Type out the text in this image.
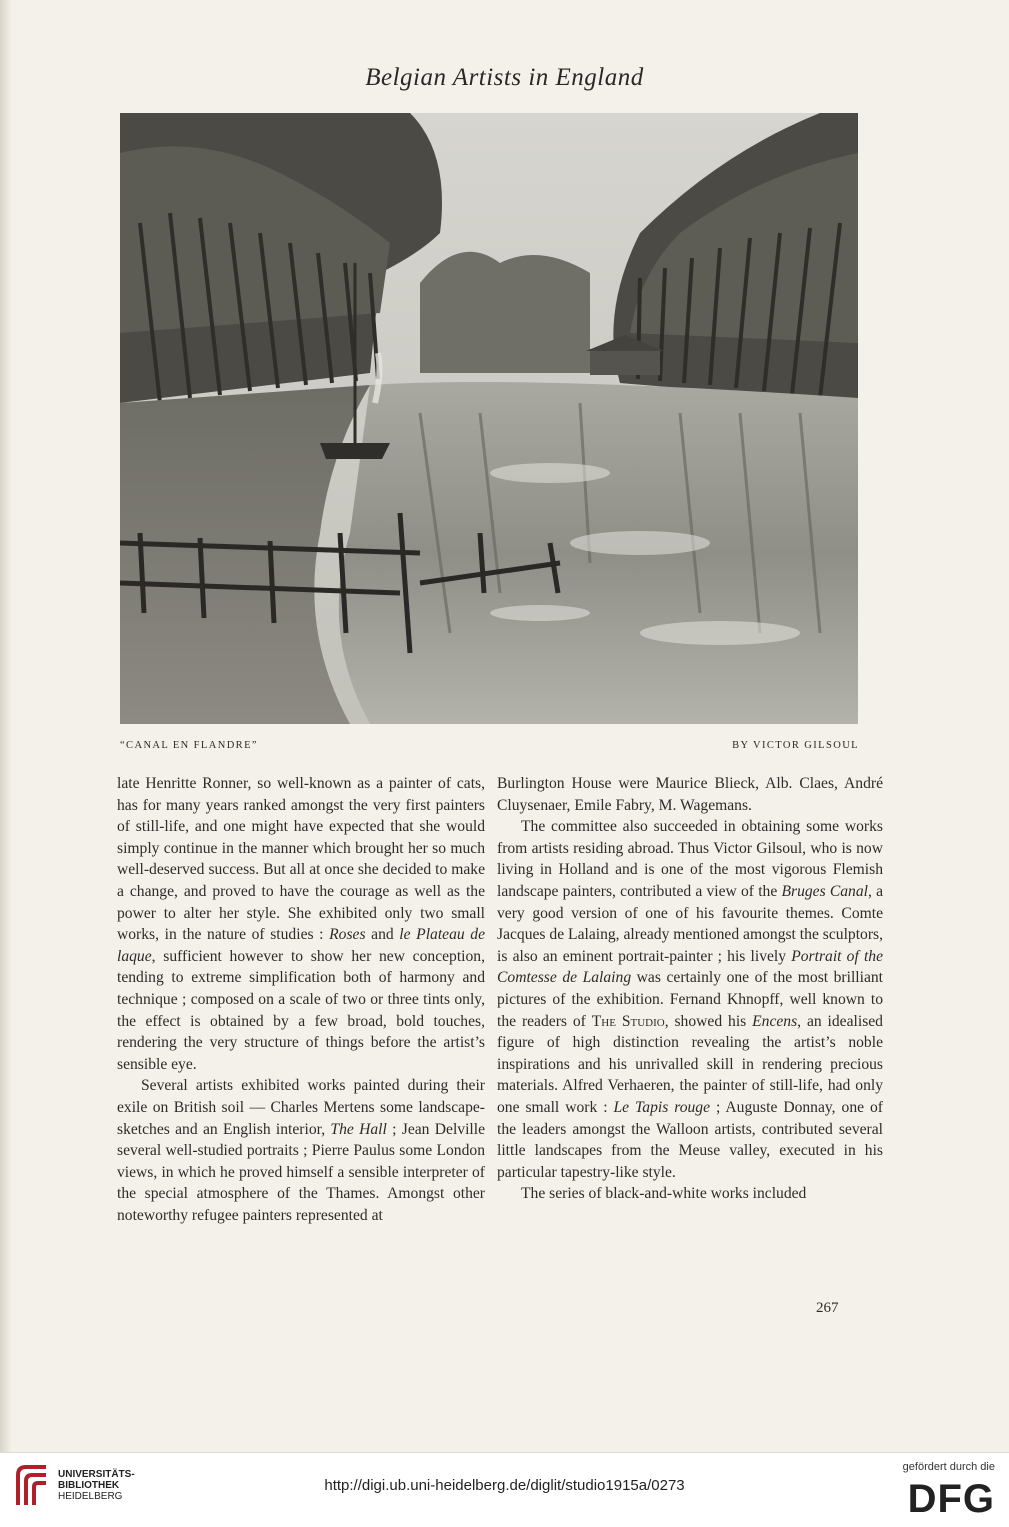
Belgian Artists in England
“CANAL EN FLANDRE”	BY VICTOR GILSOUL

late Henritte Ronner, so well-known as a painter of cats, has for many years ranked amongst the very first painters of still-life, and one might have expected that she would simply continue in the manner which brought her so much well-deserved success. But all at once she decided to make a change, and proved to have the courage as well as the power to alter her style. She exhibited only two small works, in the nature of studies : Roses and le Plateau de laque, sufficient however to show her new conception, tending to extreme simplification both of harmony and technique ; composed on a scale of two or three tints only, the effect is obtained by a few broad, bold touches, rendering the very structure of things before the artist’s sensible eye.

Several artists exhibited works painted during their exile on British soil — Charles Mertens some landscape-sketches and an English interior, The Hall ; Jean Delville several well-studied portraits ; Pierre Paulus some London views, in which he proved himself a sensible interpreter of the special atmosphere of the Thames. Amongst other noteworthy refugee painters represented at

Burlington House were Maurice Blieck, Alb. Claes, André Cluysenaer, Emile Fabry, M. Wagemans.

The committee also succeeded in obtaining some works from artists residing abroad. Thus Victor Gilsoul, who is now living in Holland and is one of the most vigorous Flemish landscape painters, contributed a view of the Bruges Canal, a very good version of one of his favourite themes. Comte Jacques de Lalaing, already mentioned amongst the sculptors, is also an eminent portrait-painter ; his lively Portrait of the Comtesse de Lalaing was certainly one of the most brilliant pictures of the exhibition. Fernand Khnopff, well known to the readers of The Studio, showed his Encens, an idealised figure of high distinction revealing the artist’s noble inspirations and his unrivalled skill in rendering precious materials. Alfred Verhaeren, the painter of still-life, had only one small work : Le Tapis rouge ; Auguste Donnay, one of the leaders amongst the Walloon artists, contributed several little landscapes from the Meuse valley, executed in his particular tapestry-like style.

The series of black-and-white works included

267
UNIVERSITÄTS-
BIBLIOTHEK
HEIDELBERG
http://digi.ub.uni-heidelberg.de/diglit/studio1915a/0273
gefördert durch die
DFG
